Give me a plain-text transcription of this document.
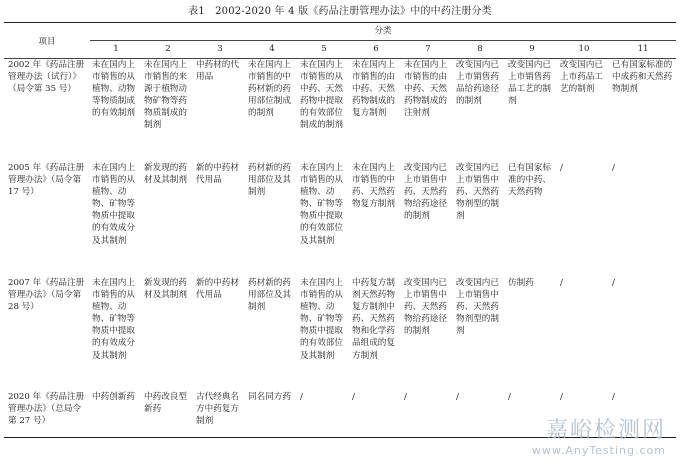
表1　2002-2020 年 4 版《药品注册管理办法》中的中药注册分类
项目	分类										
	1	2	3	4	5	6	7	8	9	10	11
2002 年《药品注册管理办法（试行）》（局令第 35 号）	未在国内上市销售的从植物、动物等物质制成的有效制剂	未在国内上市销售的来源于植物动物矿物等药物质制成的制剂	中药材的代用品	未在国内上市销售的中药材新的药用部位制成的制剂	未在国内上市销售的从中药、天然药物中提取的有效部位制成的制剂	未在国内上市销售的由中药、天然药物制成的复方制剂	未在国内上市销售的由中药、天然药物制成的注射剂	改变国内已上市销售药品给药途径的制剂	改变国内已上市销售药品工艺的制剂	改变国内已上市药品工艺的制剂	已有国家标准的中成药和天然药物制剂
2005 年《药品注册管理办法》（局令第 17 号）	未在国内上市销售的从植物、动物、矿物等物质中提取的有效成分及其制剂	新发现的药材及其制剂	新的中药材代用品	药材新的药用部位及其制剂	未在国内上市销售的从植物、动物、矿物等物质中提取的有效部位及其制剂	未在国内上市销售的中药、天然药物复方制剂	改变国内已上市销售中药、天然药物给药途径的制剂	改变国内已上市销售中药、天然药物剂型的制剂	已有国家标准的中药、天然药物	/	/
2007 年《药品注册管理办法》（局令第 28 号）	未在国内上市销售的从植物、动物、矿物等物质中提取的有效成分及其制剂	新发现的药材及其制剂	新的中药材代用品	药材新的药用部位及其制剂	未在国内上市销售的从植物、动物、矿物等物质中提取的有效部位及其制剂	中药复方制剂天然药物复方制剂中药、天然药物和化学药品组成的复方制剂	改变国内已上市销售中药、天然药物给药途径的制剂	改变国内已上市销售中药、天然药物剂型的制剂	仿制药	/	/
2020 年《药品注册管理办法》（总局令第 27 号）	中药创新药	中药改良型新药	古代经典名方中药复方制剂	同名同方药	/	/	/	/	/	/	/
嘉峪检测网
www.AnyTesting.com
